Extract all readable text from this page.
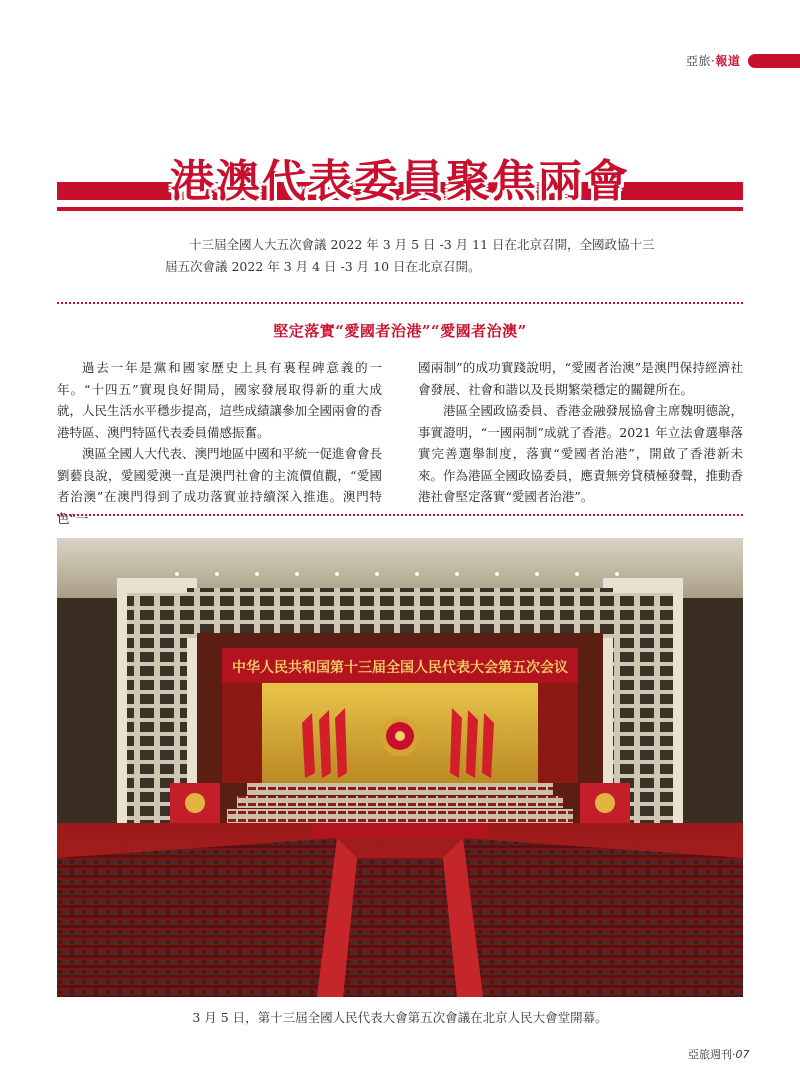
亞旅·報道
港澳代表委員聚焦兩會
十三屆全國人大五次會議 2022 年 3 月 5 日 -3 月 11 日在北京召開，全國政協十三屆五次會議 2022 年 3 月 4 日 -3 月 10 日在北京召開。
堅定落實“愛國者治港”“愛國者治澳”

過去一年是黨和國家歷史上具有裏程碑意義的一年。“十四五”實現良好開局，國家發展取得新的重大成就，人民生活水平穩步提高，這些成績讓參加全國兩會的香港特區、澳門特區代表委員備感振奮。

澳區全國人大代表、澳門地區中國和平統一促進會會長劉藝良說，愛國愛澳一直是澳門社會的主流價值觀，“愛國者治澳”在澳門得到了成功落實並持續深入推進。澳門特色“一

國兩制”的成功實踐說明，“愛國者治澳”是澳門保持經濟社會發展、社會和諧以及長期繁榮穩定的關鍵所在。

港區全國政協委員、香港金融發展協會主席魏明德說，事實證明，“一國兩制”成就了香港。2021 年立法會選舉落實完善選舉制度，落實“愛國者治港”，開啟了香港新未來。作為港區全國政協委員，應責無旁貸積極發聲，推動香港社會堅定落實“愛國者治港”。

中华人民共和国第十三届全国人民代表大会第五次会议
3 月 5 日，第十三屆全國人民代表大會第五次會議在北京人民大會堂開幕。
亞旅週刊·07
